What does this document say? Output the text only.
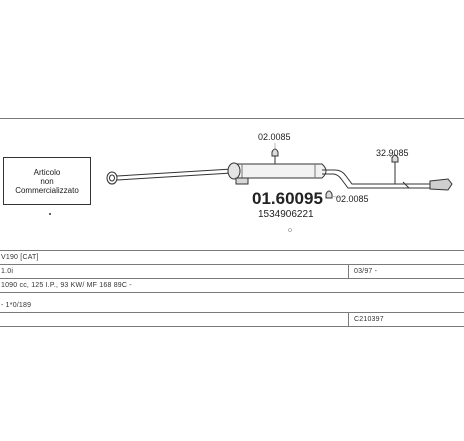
Articolo
non
Commercializzato
02.0085
32.9085
02.0085
01.60095
1534906221
V190 [CAT]
1.0i	03/97 -
1090 cc, 125 I.P., 93 KW/ MF 168 89C -
- 1*0/189
C210397
